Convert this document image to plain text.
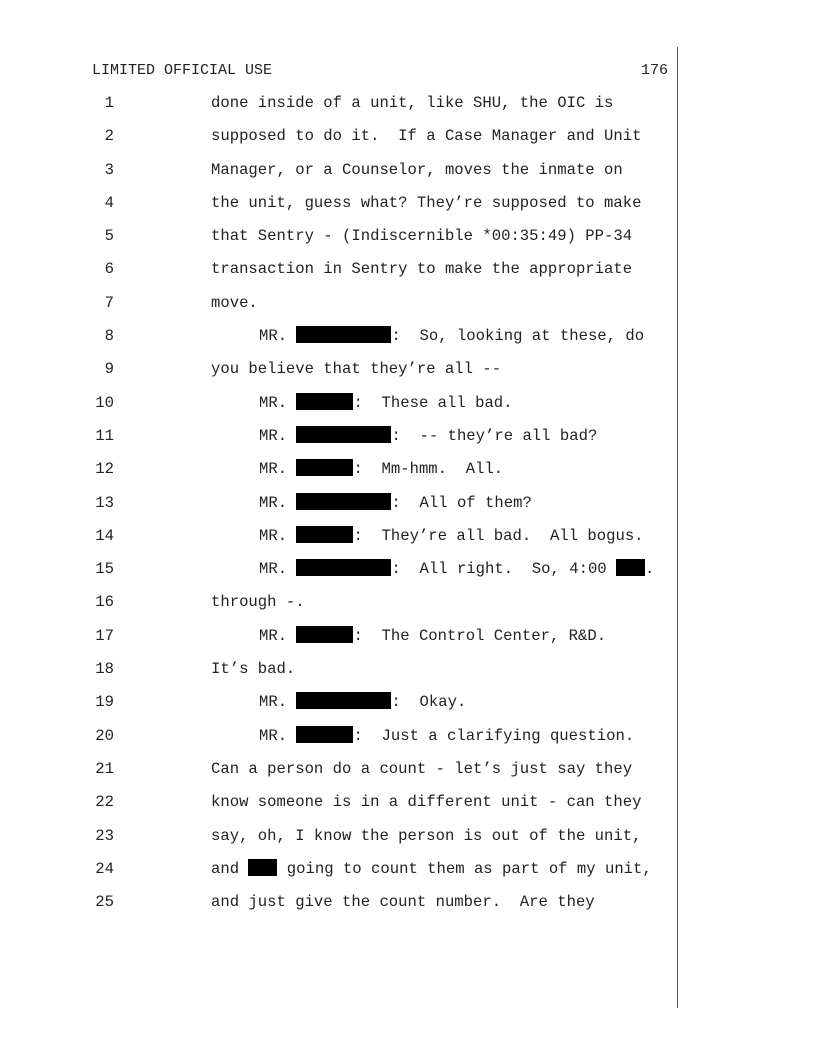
LIMITED OFFICIAL USE	176
1	done inside of a unit, like SHU, the OIC is
2	supposed to do it.  If a Case Manager and Unit
3	Manager, or a Counselor, moves the inmate on
4	the unit, guess what? They’re supposed to make
5	that Sentry - (Indiscernible *00:35:49) PP-34
6	transaction in Sentry to make the appropriate
7	move.
8	MR.	:  So, looking at these, do
9	you believe that they’re all --
10	MR.	:  These all bad.
11	MR.	:  -- they’re all bad?
12	MR.	:  Mm-hmm.  All.
13	MR.	:  All of them?
14	MR.	:  They’re all bad.  All bogus.
15	MR.	:  All right.  So, 4:00 .
16	through -.
17	MR.	:  The Control Center, R&D.
18	It’s bad.
19	MR.	:  Okay.
20	MR.	:  Just a clarifying question.
21	Can a person do a count - let’s just say they
22	know someone is in a different unit - can they
23	say, oh, I know the person is out of the unit,
24	and  going to count them as part of my unit,
25	and just give the count number.  Are they
